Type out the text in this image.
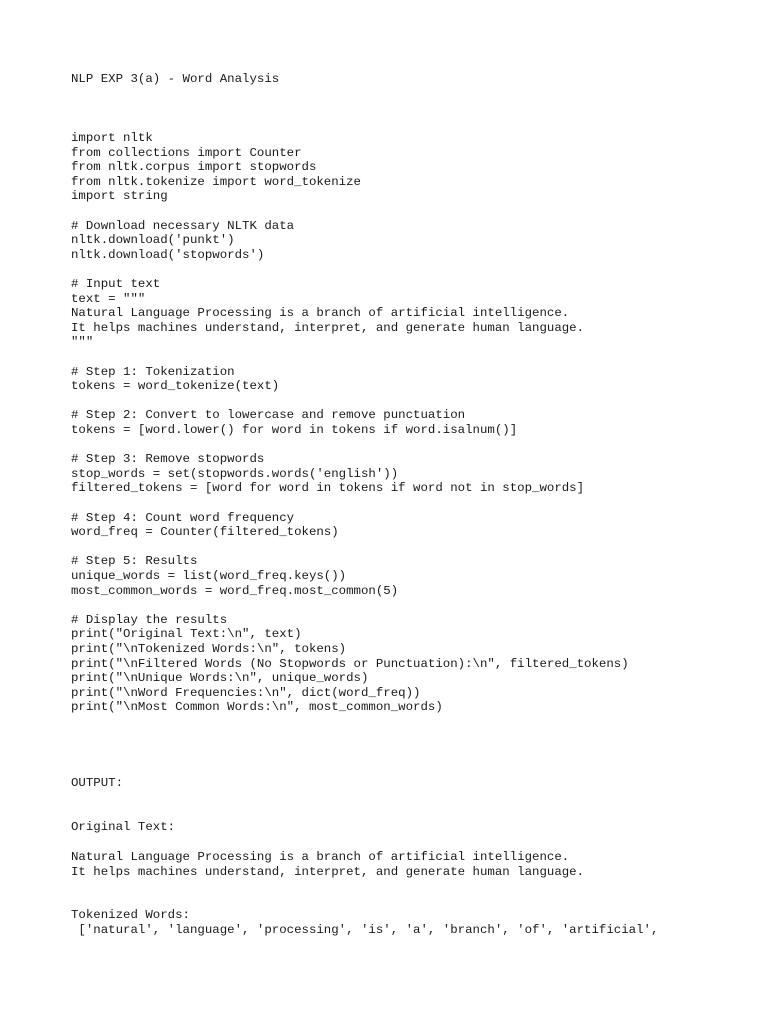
NLP EXP 3(a) - Word Analysis

import nltk

from collections import Counter

from nltk.corpus import stopwords

from nltk.tokenize import word_tokenize

import string

# Download necessary NLTK data

nltk.download('punkt')

nltk.download('stopwords')

# Input text

text = """

Natural Language Processing is a branch of artificial intelligence.

It helps machines understand, interpret, and generate human language.

"""

# Step 1: Tokenization

tokens = word_tokenize(text)

# Step 2: Convert to lowercase and remove punctuation

tokens = [word.lower() for word in tokens if word.isalnum()]

# Step 3: Remove stopwords

stop_words = set(stopwords.words('english'))

filtered_tokens = [word for word in tokens if word not in stop_words]

# Step 4: Count word frequency

word_freq = Counter(filtered_tokens)

# Step 5: Results

unique_words = list(word_freq.keys())

most_common_words = word_freq.most_common(5)

# Display the results

print("Original Text:\n", text)

print("\nTokenized Words:\n", tokens)

print("\nFiltered Words (No Stopwords or Punctuation):\n", filtered_tokens)

print("\nUnique Words:\n", unique_words)

print("\nWord Frequencies:\n", dict(word_freq))

print("\nMost Common Words:\n", most_common_words)

OUTPUT:

Original Text:

Natural Language Processing is a branch of artificial intelligence.

It helps machines understand, interpret, and generate human language.

Tokenized Words:

['natural', 'language', 'processing', 'is', 'a', 'branch', 'of', 'artificial',
